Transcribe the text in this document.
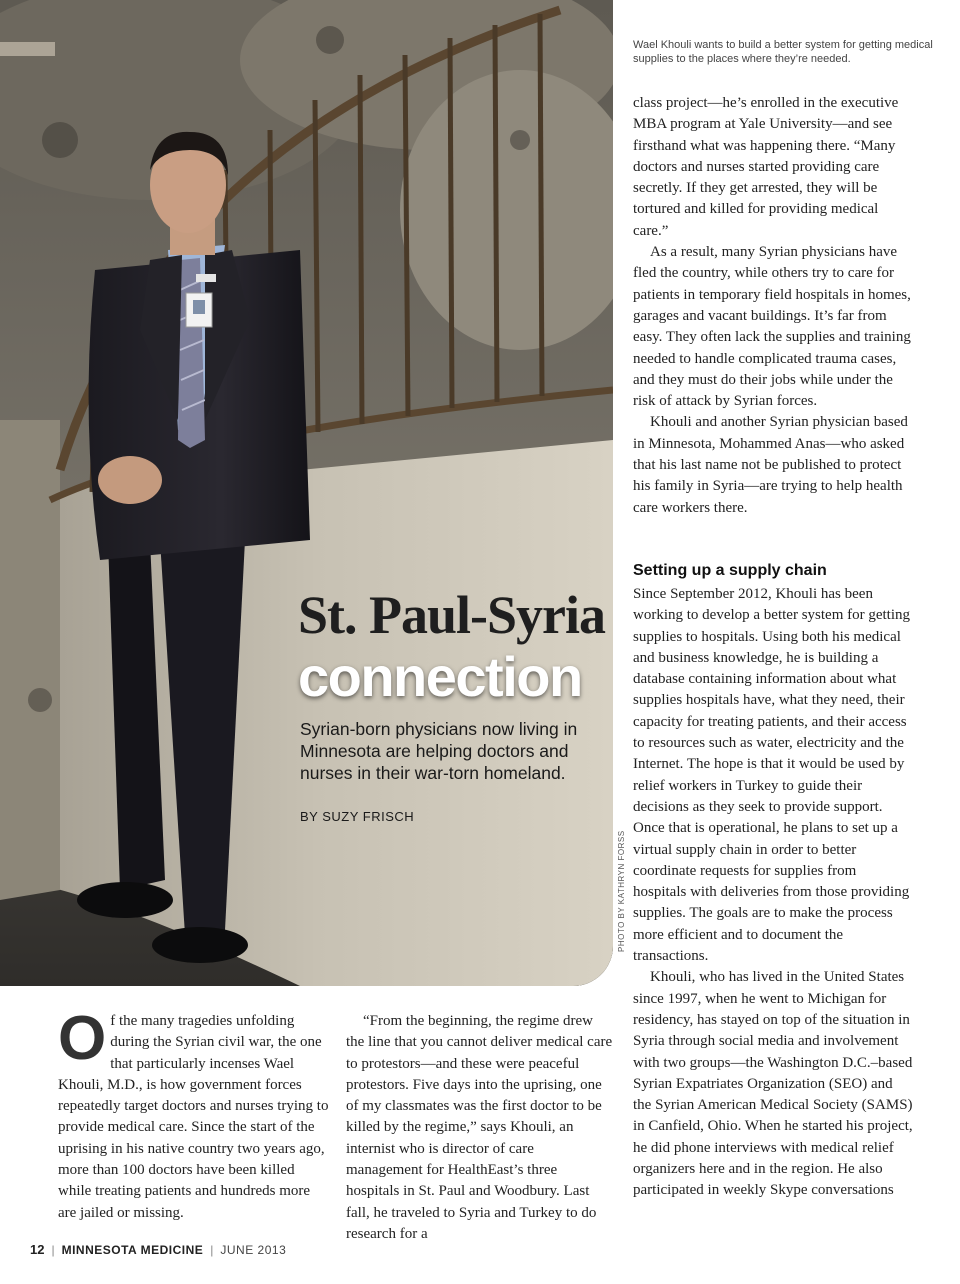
St. Paul-Syria
connection

Syrian-born physicians now living in Minnesota are helping doctors and nurses in their war-torn homeland.

BY SUZY FRISCH

PHOTO BY KATHRYN FORSS

Wael Khouli wants to build a better system for getting medical supplies to the places where they’re needed.

class project—he’s enrolled in the executive MBA program at Yale University—and see firsthand what was happening there. “Many doctors and nurses started providing care secretly. If they get arrested, they will be tortured and killed for providing medical care.”

As a result, many Syrian physicians have fled the country, while others try to care for patients in temporary field hospitals in homes, garages and vacant buildings. It’s far from easy. They often lack the supplies and training needed to handle complicated trauma cases, and they must do their jobs while under the risk of attack by Syrian forces.

Khouli and another Syrian physician based in Minnesota, Mohammed Anas—who asked that his last name not be published to protect his family in Syria—are trying to help health care workers there.

Setting up a supply chain

Since September 2012, Khouli has been working to develop a better system for getting supplies to hospitals. Using both his medical and business knowledge, he is building a database containing information about what supplies hospitals have, what they need, their capacity for treating patients, and their access to resources such as water, electricity and the Internet. The hope is that it would be used by relief workers in Turkey to guide their decisions as they seek to provide support. Once that is operational, he plans to set up a virtual supply chain in order to better coordinate requests for supplies from hospitals with deliveries from those providing supplies. The goals are to make the process more efficient and to document the transactions.

Khouli, who has lived in the United States since 1997, when he went to Michigan for residency, has stayed on top of the situation in Syria through social media and involvement with two groups—the Washington D.C.–based Syrian Expatriates Organization (SEO) and the Syrian American Medical Society (SAMS) in Canfield, Ohio. When he started his project, he did phone interviews with medical relief organizers here and in the region. He also participated in weekly Skype conversations

O f the many tragedies unfolding during the Syrian civil war, the one that particularly incenses Wael Khouli, M.D., is how government forces repeatedly target doctors and nurses trying to provide medical care. Since the start of the uprising in his native country two years ago, more than 100 doctors have been killed while treating patients and hundreds more are jailed or missing.

“From the beginning, the regime drew the line that you cannot deliver medical care to protestors—and these were peaceful protestors. Five days into the uprising, one of my classmates was the first doctor to be killed by the regime,” says Khouli, an internist who is director of care management for HealthEast’s three hospitals in St. Paul and Woodbury. Last fall, he traveled to Syria and Turkey to do research for a

12 | MINNESOTA MEDICINE | JUNE 2013
